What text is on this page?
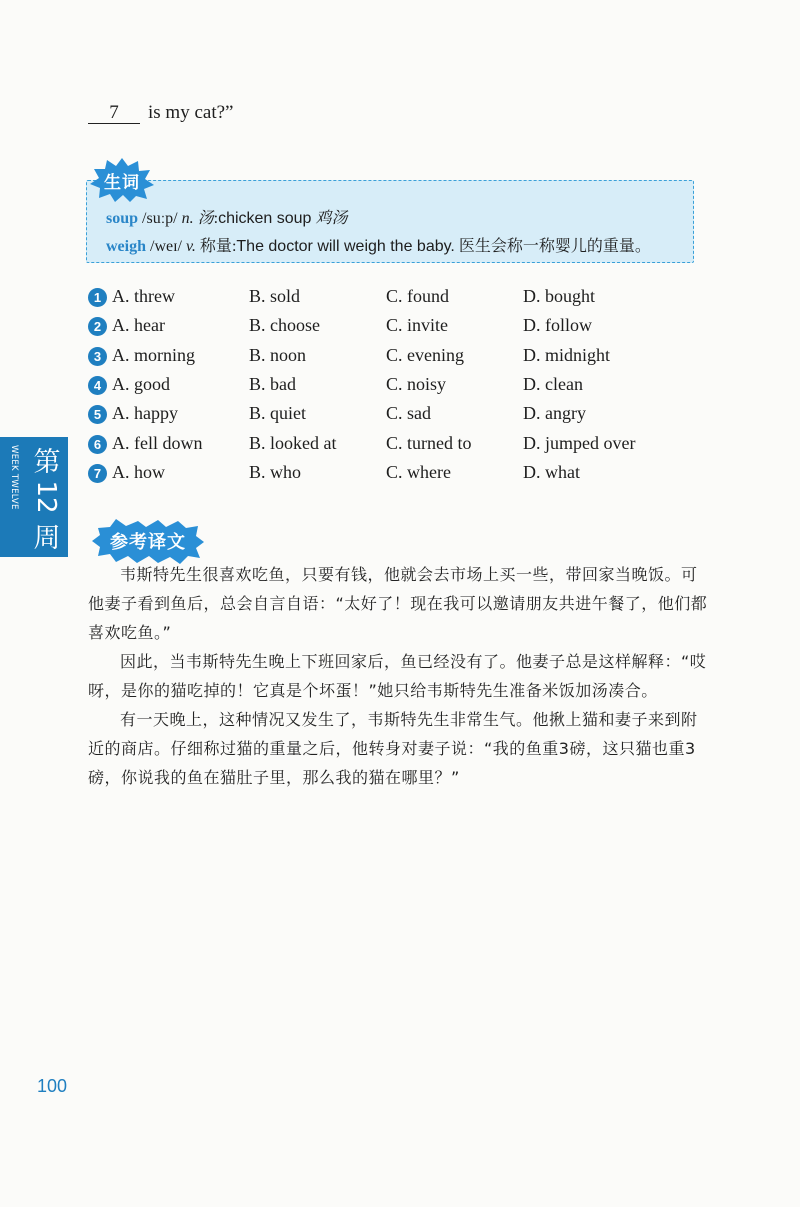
7 is my cat?”
生词
soup /suːp/ n. 汤:chicken soup 鸡汤
weigh /weɪ/ v. 称量:The doctor will weigh the baby. 医生会称一称婴儿的重量。
1 A. threw	B. sold	C. found	D. bought
2 A. hear	B. choose	C. invite	D. follow
3 A. morning	B. noon	C. evening	D. midnight
4 A. good	B. bad	C. noisy	D. clean
5 A. happy	B. quiet	C. sad	D. angry
6 A. fell down	B. looked at	C. turned to	D. jumped over
7 A. how	B. who	C. where	D. what
WEEK TWELVE 第
12
周	参考译文

韦斯特先生很喜欢吃鱼，只要有钱，他就会去市场上买一些，带回家当晚饭。可他妻子看到鱼后，总会自言自语：“太好了！现在我可以邀请朋友共进午餐了，他们都喜欢吃鱼。”

因此，当韦斯特先生晚上下班回家后，鱼已经没有了。他妻子总是这样解释：“哎呀，是你的猫吃掉的！它真是个坏蛋！”她只给韦斯特先生准备米饭加汤凑合。

有一天晚上，这种情况又发生了，韦斯特先生非常生气。他揪上猫和妻子来到附近的商店。仔细称过猫的重量之后，他转身对妻子说：“我的鱼重3磅，这只猫也重3磅，你说我的鱼在猫肚子里，那么我的猫在哪里？”

100
